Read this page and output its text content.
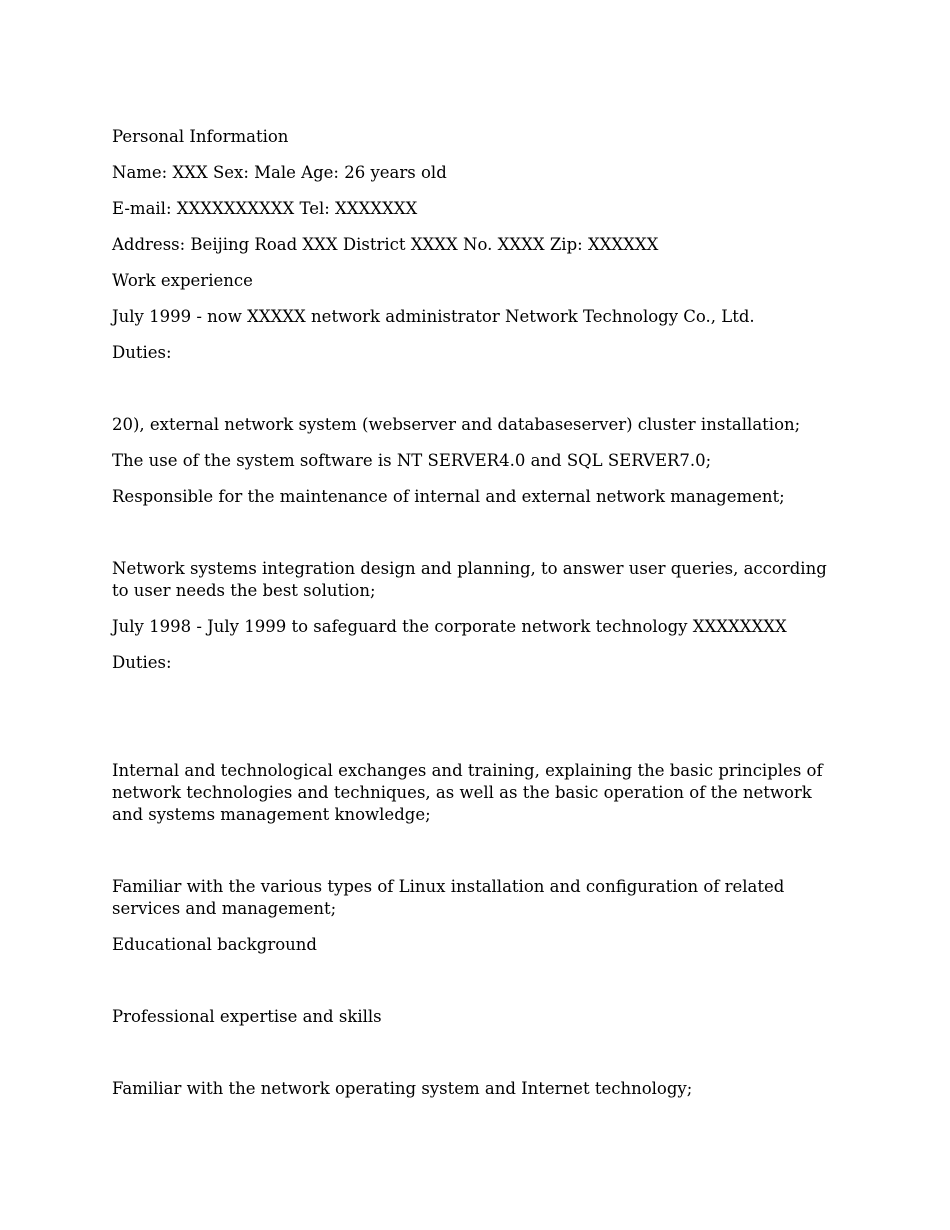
Personal Information

Name: XXX Sex: Male Age: 26 years old

E-mail: XXXXXXXXXX Tel: XXXXXXX

Address: Beijing Road XXX District XXXX No. XXXX Zip: XXXXXX

Work experience

July 1999 - now XXXXX network administrator Network Technology Co., Ltd.

Duties:

20), external network system (webserver and databaseserver) cluster installation;

The use of the system software is NT SERVER4.0 and SQL SERVER7.0;

Responsible for the maintenance of internal and external network management;

Network systems integration design and planning, to answer user queries, according to user needs the best solution;

July 1998 - July 1999 to safeguard the corporate network technology XXXXXXXX

Duties:

Internal and technological exchanges and training, explaining the basic principles of network technologies and techniques, as well as the basic operation of the network and systems management knowledge;

Familiar with the various types of Linux installation and configuration of related services and management;

Educational background

Professional expertise and skills

Familiar with the network operating system and Internet technology;
